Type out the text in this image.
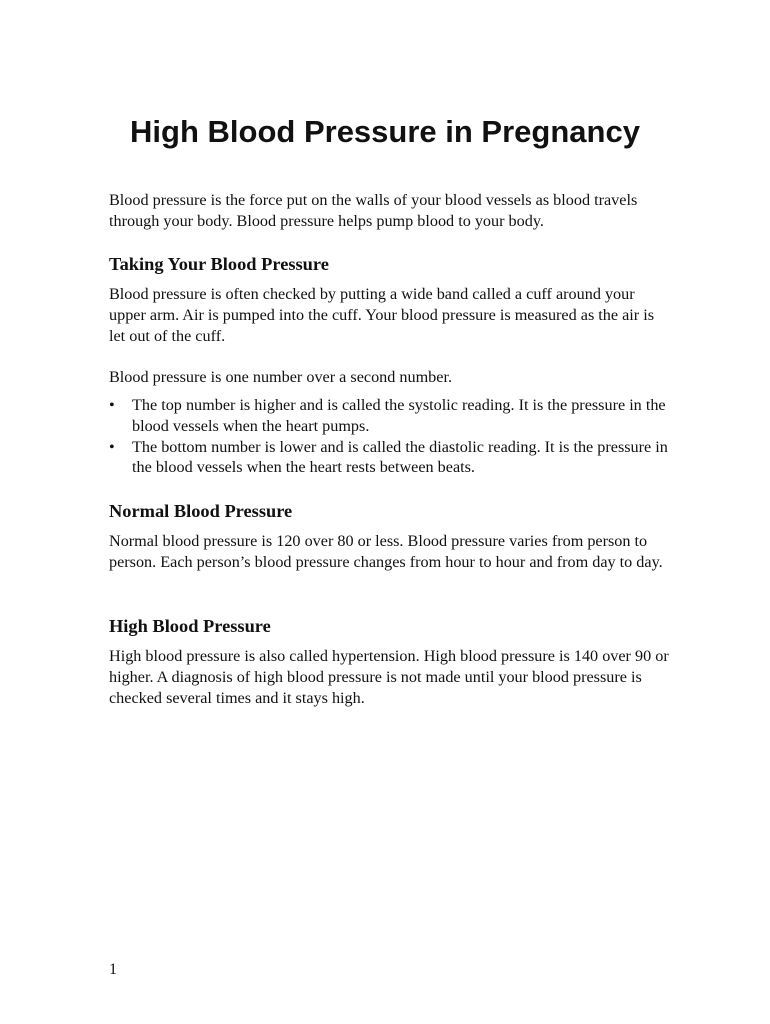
High Blood Pressure in Pregnancy

Blood pressure is the force put on the walls of your blood vessels as blood travels through your body. Blood pressure helps pump blood to your body.

Taking Your Blood Pressure

Blood pressure is often checked by putting a wide band called a cuff around your upper arm. Air is pumped into the cuff. Your blood pressure is measured as the air is let out of the cuff.

Blood pressure is one number over a second number.

• The top number is higher and is called the systolic reading. It is the pressure in the blood vessels when the heart pumps.
• The bottom number is lower and is called the diastolic reading. It is the pressure in the blood vessels when the heart rests between beats.
Normal Blood Pressure

Normal blood pressure is 120 over 80 or less. Blood pressure varies from person to person. Each person’s blood pressure changes from hour to hour and from day to day.

High Blood Pressure

High blood pressure is also called hypertension. High blood pressure is 140 over 90 or higher. A diagnosis of high blood pressure is not made until your blood pressure is checked several times and it stays high.

1
